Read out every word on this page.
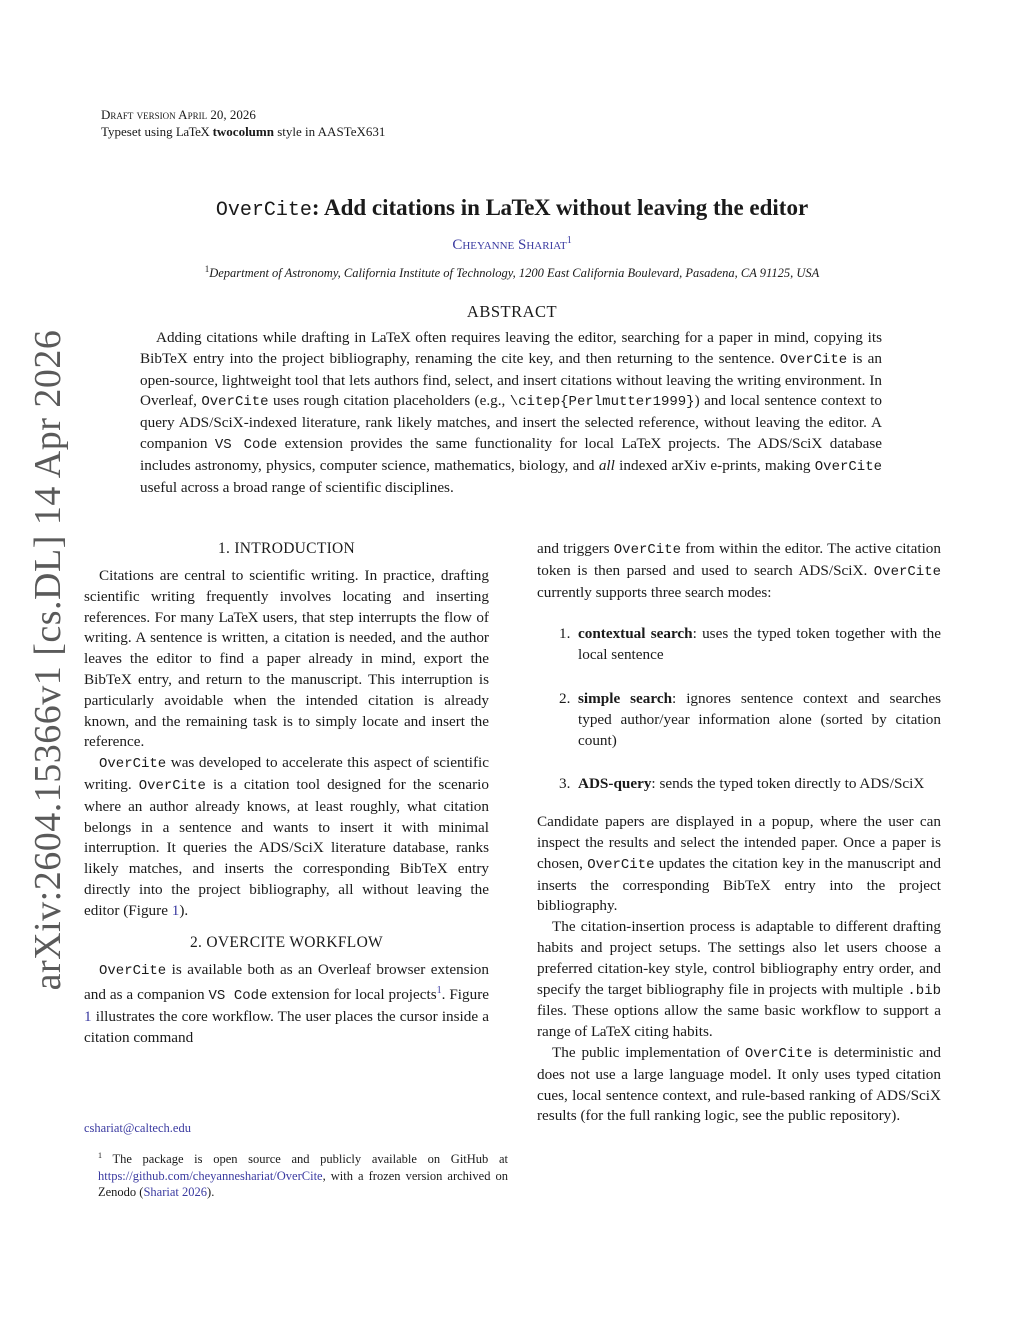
Draft version April 20, 2026
Typeset using LaTeX twocolumn style in AASTeX631
arXiv:2604.15366v1 [cs.DL] 14 Apr 2026
OverCite: Add citations in LaTeX without leaving the editor
Cheyanne Shariat$^1$
$^1$Department of Astronomy, California Institute of Technology, 1200 East California Boulevard, Pasadena, CA 91125, USA
ABSTRACT

Adding citations while drafting in LaTeX often requires leaving the editor, searching for a paper in mind, copying its BibTeX entry into the project bibliography, renaming the cite key, and then returning to the sentence. OverCite is an open-source, lightweight tool that lets authors find, select, and insert citations without leaving the writing environment. In Overleaf, OverCite uses rough citation placeholders (e.g., \citep{Perlmutter1999}) and local sentence context to query ADS/SciX-indexed literature, rank likely matches, and insert the selected reference, without leaving the editor. A companion VS Code extension provides the same functionality for local LaTeX projects. The ADS/SciX database includes astronomy, physics, computer science, mathematics, biology, and all indexed arXiv e-prints, making OverCite useful across a broad range of scientific disciplines.

1. INTRODUCTION

Citations are central to scientific writing. In practice, drafting scientific writing frequently involves locating and inserting references. For many LaTeX users, that step interrupts the flow of writing. A sentence is written, a citation is needed, and the author leaves the editor to find a paper already in mind, export the BibTeX entry, and return to the manuscript. This interruption is particularly avoidable when the intended citation is already known, and the remaining task is to simply locate and insert the reference.

OverCite was developed to accelerate this aspect of scientific writing. OverCite is a citation tool designed for the scenario where an author already knows, at least roughly, what citation belongs in a sentence and wants to insert it with minimal interruption. It queries the ADS/SciX literature database, ranks likely matches, and inserts the corresponding BibTeX entry directly into the project bibliography, all without leaving the editor (Figure 1).

2. OVERCITE WORKFLOW

OverCite is available both as an Overleaf browser extension and as a companion VS Code extension for local projects$^1$. Figure 1 illustrates the core workflow. The user places the cursor inside a citation command

cshariat@caltech.edu
$^1$ The package is open source and publicly available on GitHub at https://github.com/cheyanneshariat/OverCite, with a frozen version archived on Zenodo (Shariat 2026).

and triggers OverCite from within the editor. The active citation token is then parsed and used to search ADS/SciX. OverCite currently supports three search modes:

1. contextual search: uses the typed token together with the local sentence
2. simple search: ignores sentence context and searches typed author/year information alone (sorted by citation count)
3. ADS-query: sends the typed token directly to ADS/SciX

Candidate papers are displayed in a popup, where the user can inspect the results and select the intended paper. Once a paper is chosen, OverCite updates the citation key in the manuscript and inserts the corresponding BibTeX entry into the project bibliography.

The citation-insertion process is adaptable to different drafting habits and project setups. The settings also let users choose a preferred citation-key style, control bibliography entry order, and specify the target bibliography file in projects with multiple .bib files. These options allow the same basic workflow to support a range of LaTeX citing habits.

The public implementation of OverCite is deterministic and does not use a large language model. It only uses typed citation cues, local sentence context, and rule-based ranking of ADS/SciX results (for the full ranking logic, see the public repository).
